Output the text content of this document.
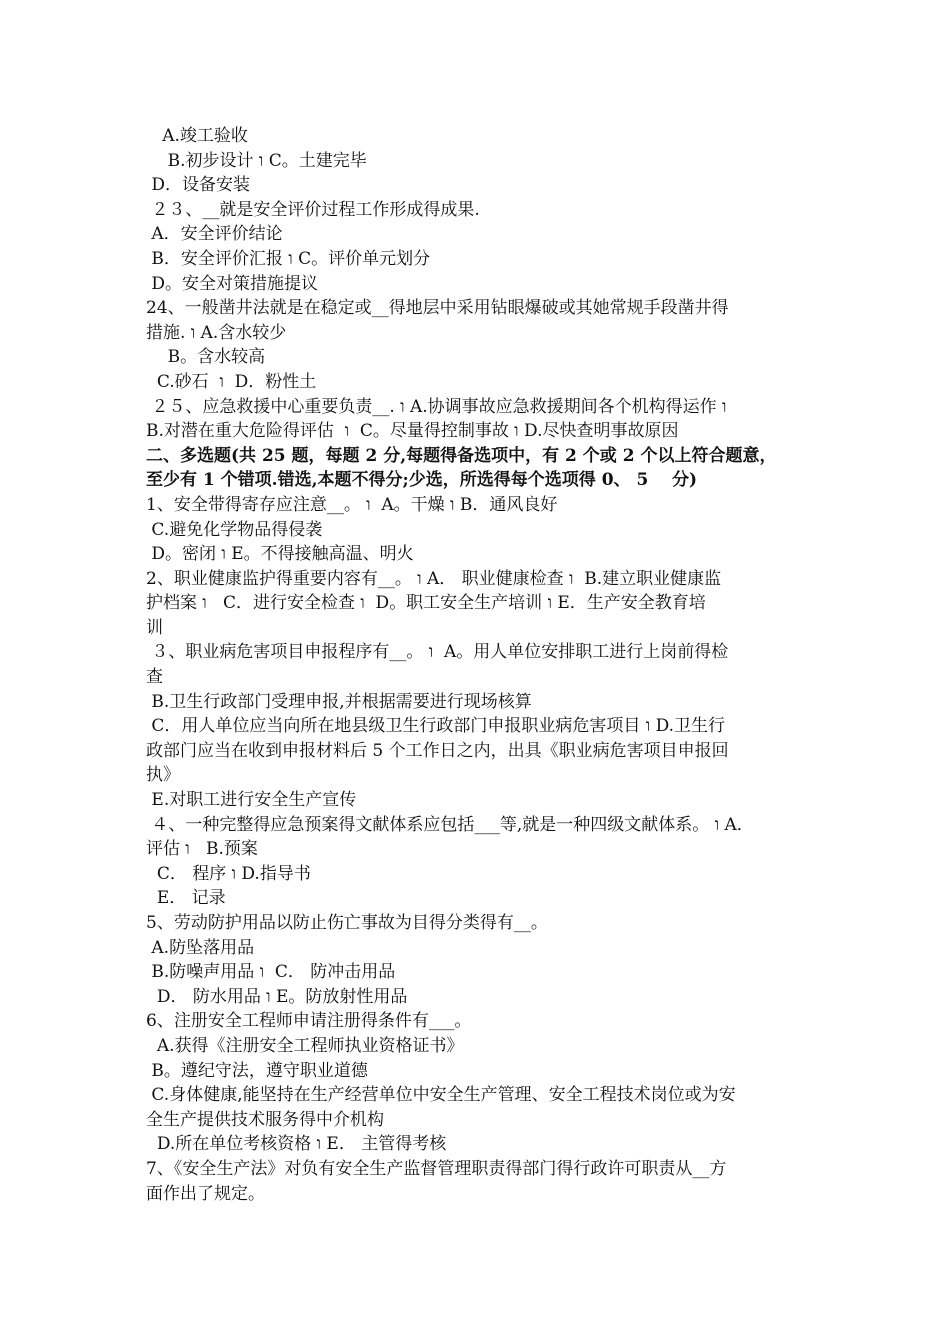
A.竣工验收
B.初步设计 ו C。土建完毕
D．设备安装
２３、__就是安全评价过程工作形成得成果.
A．安全评价结论
B．安全评价汇报 ו C。评价单元划分
D。安全对策措施提议
24、一般凿井法就是在稳定或__得地层中采用钻眼爆破或其她常规手段凿井得
措施. ו A.含水较少
B。含水较高
C.砂石  ו  D．粉性土
２５、应急救援中心重要负责__. ו A.协调事故应急救援期间各个机构得运作 ו
B.对潜在重大危险得评估  ו  C。尽量得控制事故 ו D.尽快查明事故原因
二、多选题(共 25 题，每题 2 分,每题得备选项中，有 2 个或 2 个以上符合题意，
至少有 1 个错项.错选,本题不得分;少选，所选得每个选项得 0、 5    分)
1、安全带得寄存应注意__。 ו  A。干燥 ו B．通风良好
C.避免化学物品得侵袭
D。密闭 ו E。不得接触高温、明火
2、职业健康监护得重要内容有__。 ו A． 职业健康检查 ו  B.建立职业健康监
护档案 ו   C．进行安全检查 ו  D。职工安全生产培训 ו E．生产安全教育培
训
３、职业病危害项目申报程序有__。 ו  A。用人单位安排职工进行上岗前得检
查
B.卫生行政部门受理申报,并根据需要进行现场核算
C．用人单位应当向所在地县级卫生行政部门申报职业病危害项目 ו D.卫生行
政部门应当在收到申报材料后 5 个工作日之内，出具《职业病危害项目申报回
执》
E.对职工进行安全生产宣传
４、一种完整得应急预案得文献体系应包括___等,就是一种四级文献体系。 ו A．
评估 ו   B.预案
C． 程序 ו D.指导书
E． 记录
5、劳动防护用品以防止伤亡事故为目得分类得有__。
A.防坠落用品
B.防噪声用品 ו  C． 防冲击用品
D． 防水用品 ו E。防放射性用品
6、注册安全工程师申请注册得条件有___。
A.获得《注册安全工程师执业资格证书》
B。遵纪守法，遵守职业道德
C.身体健康,能坚持在生产经营单位中安全生产管理、安全工程技术岗位或为安
全生产提供技术服务得中介机构
D.所在单位考核资格 ו E． 主管得考核
7、《安全生产法》对负有安全生产监督管理职责得部门得行政许可职责从__方
面作出了规定。
